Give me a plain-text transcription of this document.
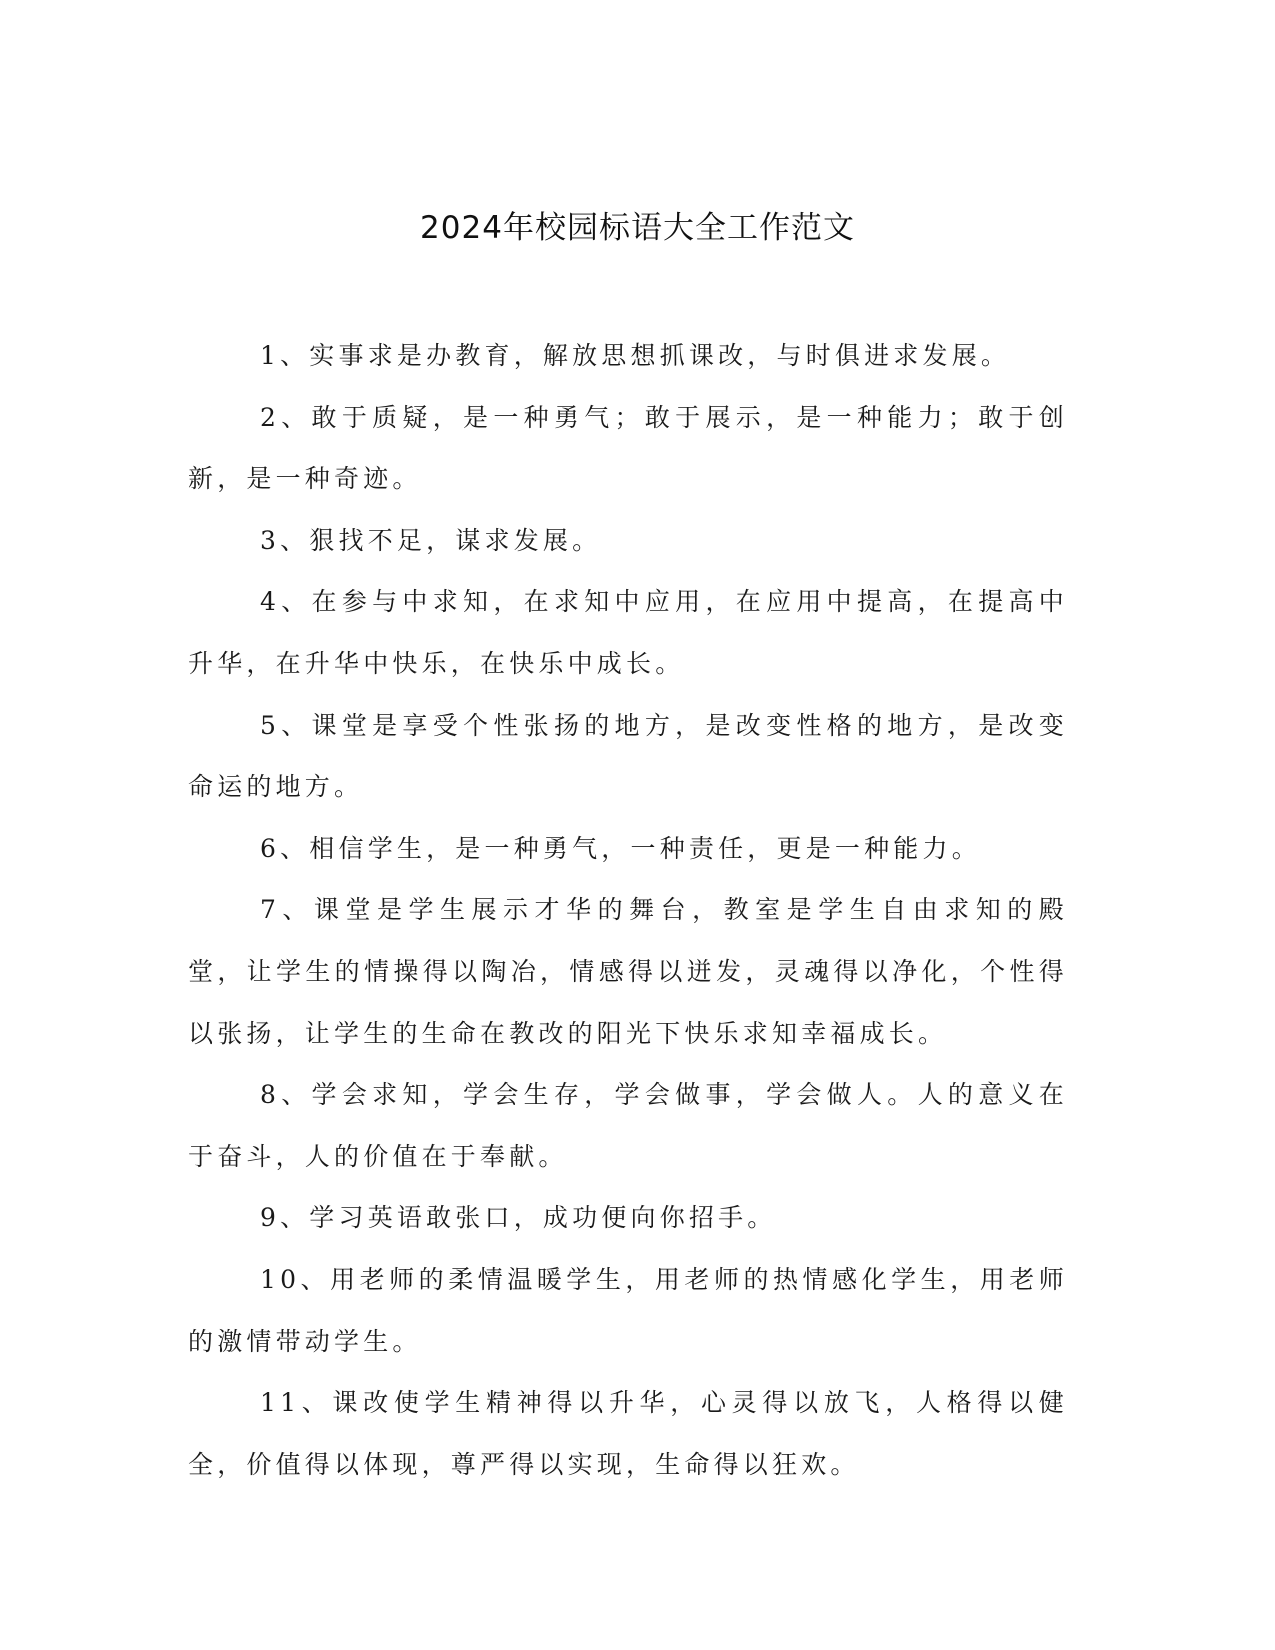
2024年校园标语大全工作范文

1、实事求是办教育，解放思想抓课改，与时俱进求发展。

2、敢于质疑，是一种勇气；敢于展示，是一种能力；敢于创新，是一种奇迹。

3、狠找不足，谋求发展。

4、在参与中求知，在求知中应用，在应用中提高，在提高中升华，在升华中快乐，在快乐中成长。

5、课堂是享受个性张扬的地方，是改变性格的地方，是改变命运的地方。

6、相信学生，是一种勇气，一种责任，更是一种能力。

7、课堂是学生展示才华的舞台，教室是学生自由求知的殿堂，让学生的情操得以陶冶，情感得以迸发，灵魂得以净化，个性得以张扬，让学生的生命在教改的阳光下快乐求知幸福成长。

8、学会求知，学会生存，学会做事，学会做人。人的意义在于奋斗，人的价值在于奉献。

9、学习英语敢张口，成功便向你招手。

10、用老师的柔情温暖学生，用老师的热情感化学生，用老师的激情带动学生。

11、课改使学生精神得以升华，心灵得以放飞，人格得以健全，价值得以体现，尊严得以实现，生命得以狂欢。
